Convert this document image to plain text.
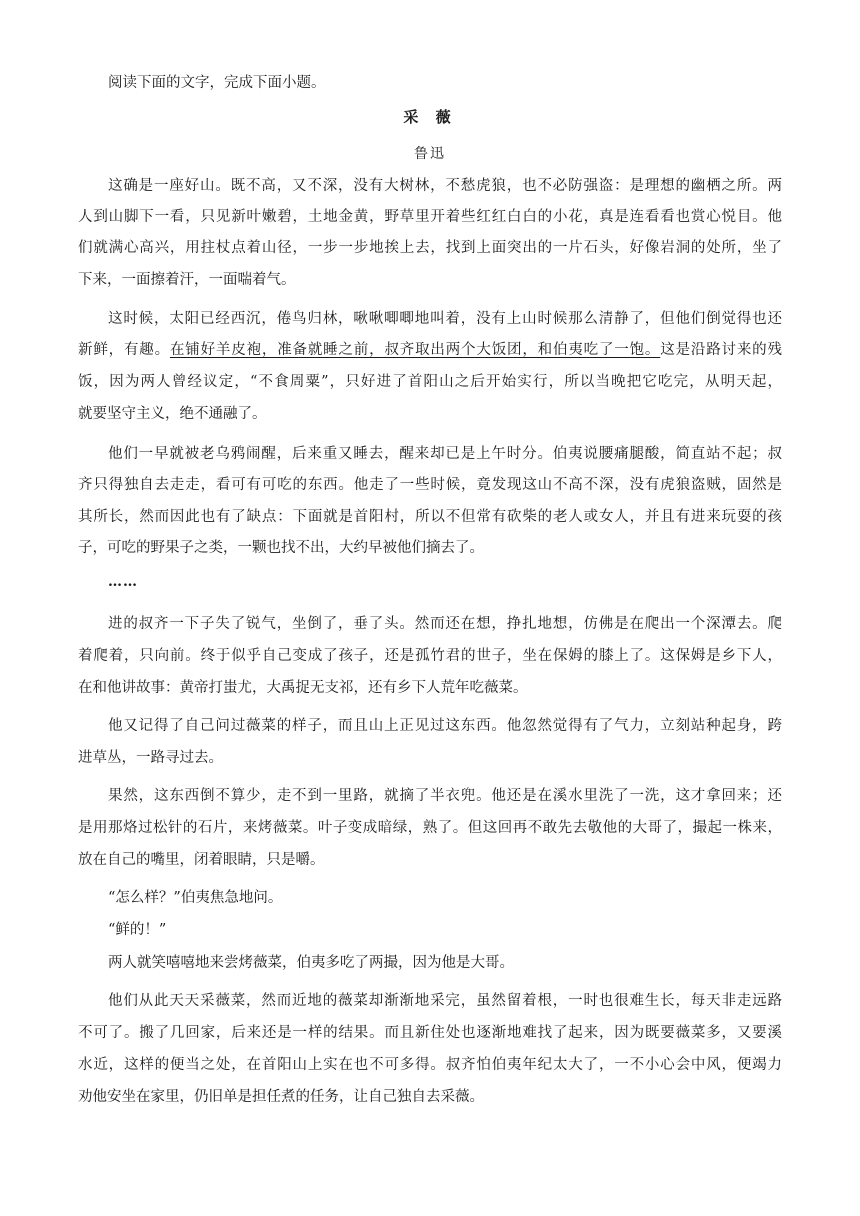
阅读下面的文字，完成下面小题。
采 薇
鲁迅
这确是一座好山。既不高，又不深，没有大树林，不愁虎狼，也不必防强盗：是理想的幽栖之所。两
人到山脚下一看，只见新叶嫩碧，土地金黄，野草里开着些红红白白的小花，真是连看看也赏心悦目。他
们就满心高兴，用拄杖点着山径，一步一步地挨上去，找到上面突出的一片石头，好像岩洞的处所，坐了
下来，一面擦着汗，一面喘着气。
这时候，太阳已经西沉，倦鸟归林，啾啾唧唧地叫着，没有上山时候那么清静了，但他们倒觉得也还
新鲜，有趣。在铺好羊皮袍，准备就睡之前，叔齐取出两个大饭团，和伯夷吃了一饱。这是沿路讨来的残
饭，因为两人曾经议定，“不食周粟”，只好进了首阳山之后开始实行，所以当晚把它吃完，从明天起，
就要坚守主义，绝不通融了。
他们一早就被老乌鸦闹醒，后来重又睡去，醒来却已是上午时分。伯夷说腰痛腿酸，简直站不起；叔
齐只得独自去走走，看可有可吃的东西。他走了一些时候，竟发现这山不高不深，没有虎狼盗贼，固然是
其所长，然而因此也有了缺点：下面就是首阳村，所以不但常有砍柴的老人或女人，并且有进来玩耍的孩
子，可吃的野果子之类，一颗也找不出，大约早被他们摘去了。
……
进的叔齐一下子失了锐气，坐倒了，垂了头。然而还在想，挣扎地想，仿佛是在爬出一个深潭去。爬
着爬着，只向前。终于似乎自己变成了孩子，还是孤竹君的世子，坐在保姆的膝上了。这保姆是乡下人，
在和他讲故事：黄帝打蚩尤，大禹捉无支祁，还有乡下人荒年吃薇菜。
他又记得了自己问过薇菜的样子，而且山上正见过这东西。他忽然觉得有了气力，立刻站种起身，跨
进草丛，一路寻过去。
果然，这东西倒不算少，走不到一里路，就摘了半衣兜。他还是在溪水里洗了一洗，这才拿回来；还
是用那烙过松针的石片，来烤薇菜。叶子变成暗绿，熟了。但这回再不敢先去敬他的大哥了，撮起一株来，
放在自己的嘴里，闭着眼睛，只是嚼。
“怎么样？”伯夷焦急地问。
“鲜的！”
两人就笑嘻嘻地来尝烤薇菜，伯夷多吃了两撮，因为他是大哥。
他们从此天天采薇菜，然而近地的薇菜却渐渐地采完，虽然留着根，一时也很难生长，每天非走远路
不可了。搬了几回家，后来还是一样的结果。而且新住处也逐渐地难找了起来，因为既要薇菜多，又要溪
水近，这样的便当之处，在首阳山上实在也不可多得。叔齐怕伯夷年纪太大了，一不小心会中风，便竭力
劝他安坐在家里，仍旧单是担任煮的任务，让自己独自去采薇。
